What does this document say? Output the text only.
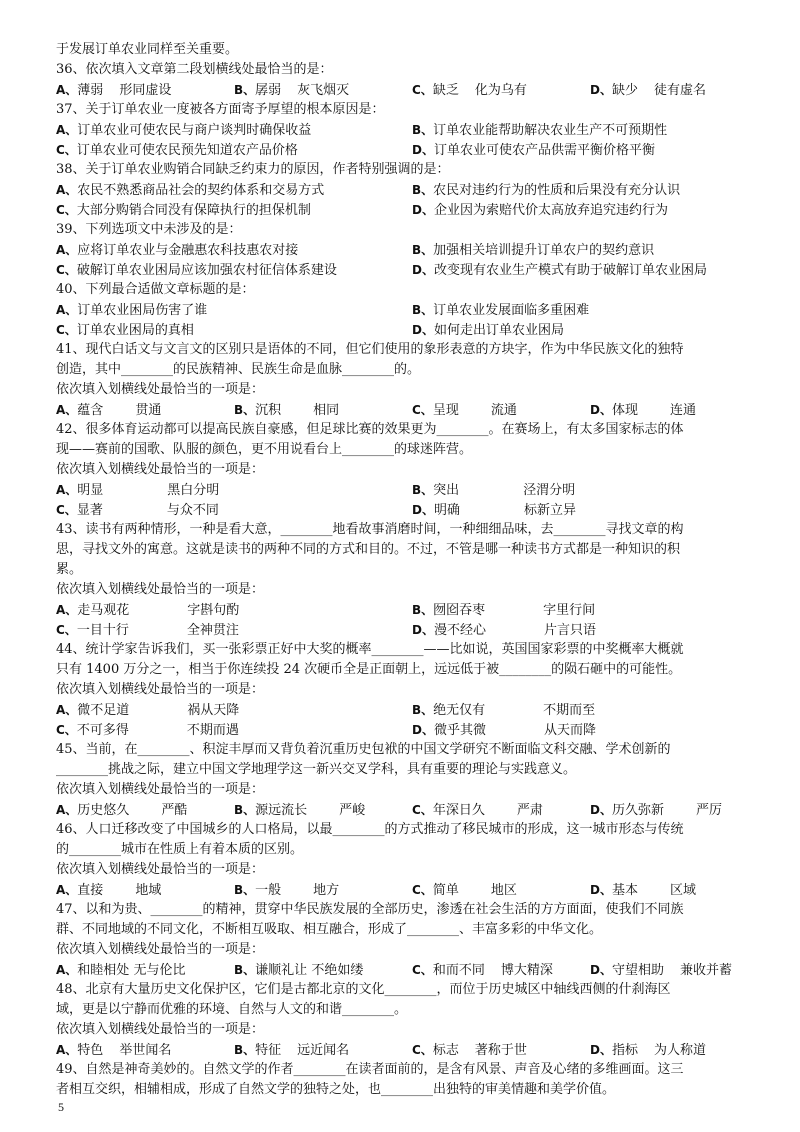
于发展订单农业同样至关重要。
36、依次填入文章第二段划横线处最恰当的是：
A、薄弱 形同虚设	B、孱弱 灰飞烟灭	C、缺乏 化为乌有	D、缺少 徒有虚名
37、关于订单农业一度被各方面寄予厚望的根本原因是：
A、订单农业可使农民与商户谈判时确保收益	B、订单农业能帮助解决农业生产不可预期性
C、订单农业可使农民预先知道农产品价格	D、订单农业可使农产品供需平衡价格平衡
38、关于订单农业购销合同缺乏约束力的原因，作者特别强调的是：
A、农民不熟悉商品社会的契约体系和交易方式	B、农民对违约行为的性质和后果没有充分认识
C、大部分购销合同没有保障执行的担保机制	D、企业因为索赔代价太高放弃追究违约行为
39、下列选项文中未涉及的是：
A、应将订单农业与金融惠农科技惠农对接	B、加强相关培训提升订单农户的契约意识
C、破解订单农业困局应该加强农村征信体系建设	D、改变现有农业生产模式有助于破解订单农业困局
40、下列最合适做文章标题的是：
A、订单农业困局伤害了谁	B、订单农业发展面临多重困难
C、订单农业困局的真相	D、如何走出订单农业困局
41、现代白话文与文言文的区别只是语体的不同，但它们使用的象形表意的方块字，作为中华民族文化的独特
创造，其中________的民族精神、民族生命是血脉________的。
依次填入划横线处最恰当的一项是：
A、蕴含 贯通	B、沉积 相同	C、呈现 流通	D、体现 连通
42、很多体育运动都可以提高民族自豪感，但足球比赛的效果更为________。在赛场上，有太多国家标志的体
现——赛前的国歌、队服的颜色，更不用说看台上________的球迷阵营。
依次填入划横线处最恰当的一项是：
A、明显	黑白分明	B、突出	泾渭分明
C、显著	与众不同	D、明确	标新立异
43、读书有两种情形，一种是看大意，________地看故事消磨时间，一种细细品味，去________寻找文章的构
思，寻找文外的寓意。这就是读书的两种不同的方式和目的。不过，不管是哪一种读书方式都是一种知识的积
累。
依次填入划横线处最恰当的一项是：
A、走马观花	字斟句酌	B、囫囵吞枣	字里行间
C、一目十行	全神贯注	D、漫不经心	片言只语
44、统计学家告诉我们，买一张彩票正好中大奖的概率________——比如说，英国国家彩票的中奖概率大概就
只有 1400 万分之一，相当于你连续投 24 次硬币全是正面朝上，远远低于被________的陨石砸中的可能性。
依次填入划横线处最恰当的一项是：
A、微不足道	祸从天降	B、绝无仅有	不期而至
C、不可多得	不期而遇	D、微乎其微	从天而降
45、当前，在________、积淀丰厚而又背负着沉重历史包袱的中国文学研究不断面临文科交融、学术创新的
________挑战之际，建立中国文学地理学这一新兴交叉学科，具有重要的理论与实践意义。
依次填入划横线处最恰当的一项是：
A、历史悠久 严酷	B、源远流长 严峻	C、年深日久 严肃	D、历久弥新 严厉
46、人口迁移改变了中国城乡的人口格局，以最________的方式推动了移民城市的形成，这一城市形态与传统
的________城市在性质上有着本质的区别。
依次填入划横线处最恰当的一项是：
A、直接 地域	B、一般 地方	C、简单 地区	D、基本 区域
47、以和为贵、________的精神，贯穿中华民族发展的全部历史，渗透在社会生活的方方面面，使我们不同族
群、不同地域的不同文化，不断相互吸取、相互融合，形成了________、丰富多彩的中华文化。
依次填入划横线处最恰当的一项是：
A、和睦相处 无与伦比	B、谦顺礼让 不绝如缕	C、和而不同 博大精深	D、守望相助 兼收并蓄
48、北京有大量历史文化保护区，它们是古都北京的文化________，而位于历史城区中轴线西侧的什刹海区
域，更是以宁静而优雅的环境、自然与人文的和谐________。
依次填入划横线处最恰当的一项是：
A、特色 举世闻名	B、特征 远近闻名	C、标志 著称于世	D、指标 为人称道
49、自然是神奇美妙的。自然文学的作者________在读者面前的，是含有风景、声音及心绪的多维画面。这三
者相互交织，相辅相成，形成了自然文学的独特之处，也________出独特的审美情趣和美学价值。
5
